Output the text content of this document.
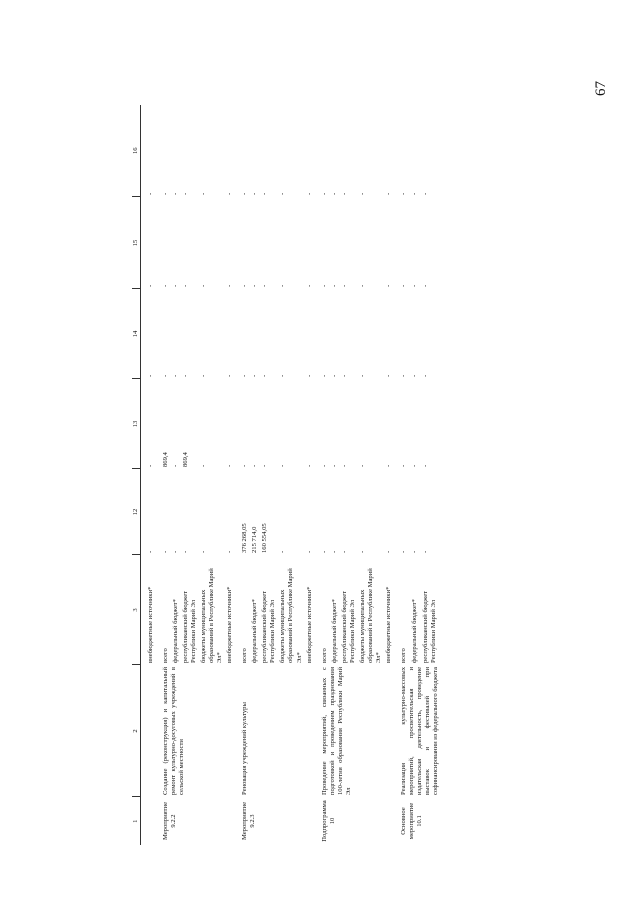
67
1	2	3	12	13	14	15	16
		внебюджетные источники*	-	-	-	-	-
Мероприятие 9.2.2	Создание (реконструкция) и капитальный ремонт культурно-досуговых учреждений в сельской местности	всего	-	869,4	-	-	-
		федеральный бюджет*	-	-	-	-	-
		республиканский бюджет Республики Марий Эл	-	869,4	-	-	-
		бюджеты муниципальных образований в Республике Марий Эл*	-	-	-	-	-
		внебюджетные источники*	-	-	-	-	-
Мероприятие 9.2.3	Реновация учреждений культуры	всего	376 268,05	-	-	-	-
		федеральный бюджет*	215 714,0	-	-	-	-
		республиканский бюджет Республики Марий Эл	160 554,05	-	-	-	-
		бюджеты муниципальных образований в Республике Марий Эл*	-	-	-	-	-
		внебюджетные источники*	-	-	-	-	-
Подпрограмма 10	Проведение мероприятий, связанных с подготовкой и проведением празднования 100-летия образования Республики Марий Эл	всего	-	-	-	-	-
		федеральный бюджет*	-	-	-	-	-
		республиканский бюджет Республики Марий Эл	-	-	-	-	-
		бюджеты муниципальных образований в Республике Марий Эл*	-	-	-	-	-
		внебюджетные источники*	-	-	-	-	-
Основное мероприятие 10.1	Реализация культурно-массовых мероприятий, просветительская и издательская деятельность, проведение выставок и фестивалей при софинансировании из федерального бюджета	всего	-	-	-	-	-
		федеральный бюджет*	-	-	-	-	-
		республиканский бюджет Республики Марий Эл	-	-	-	-	-
